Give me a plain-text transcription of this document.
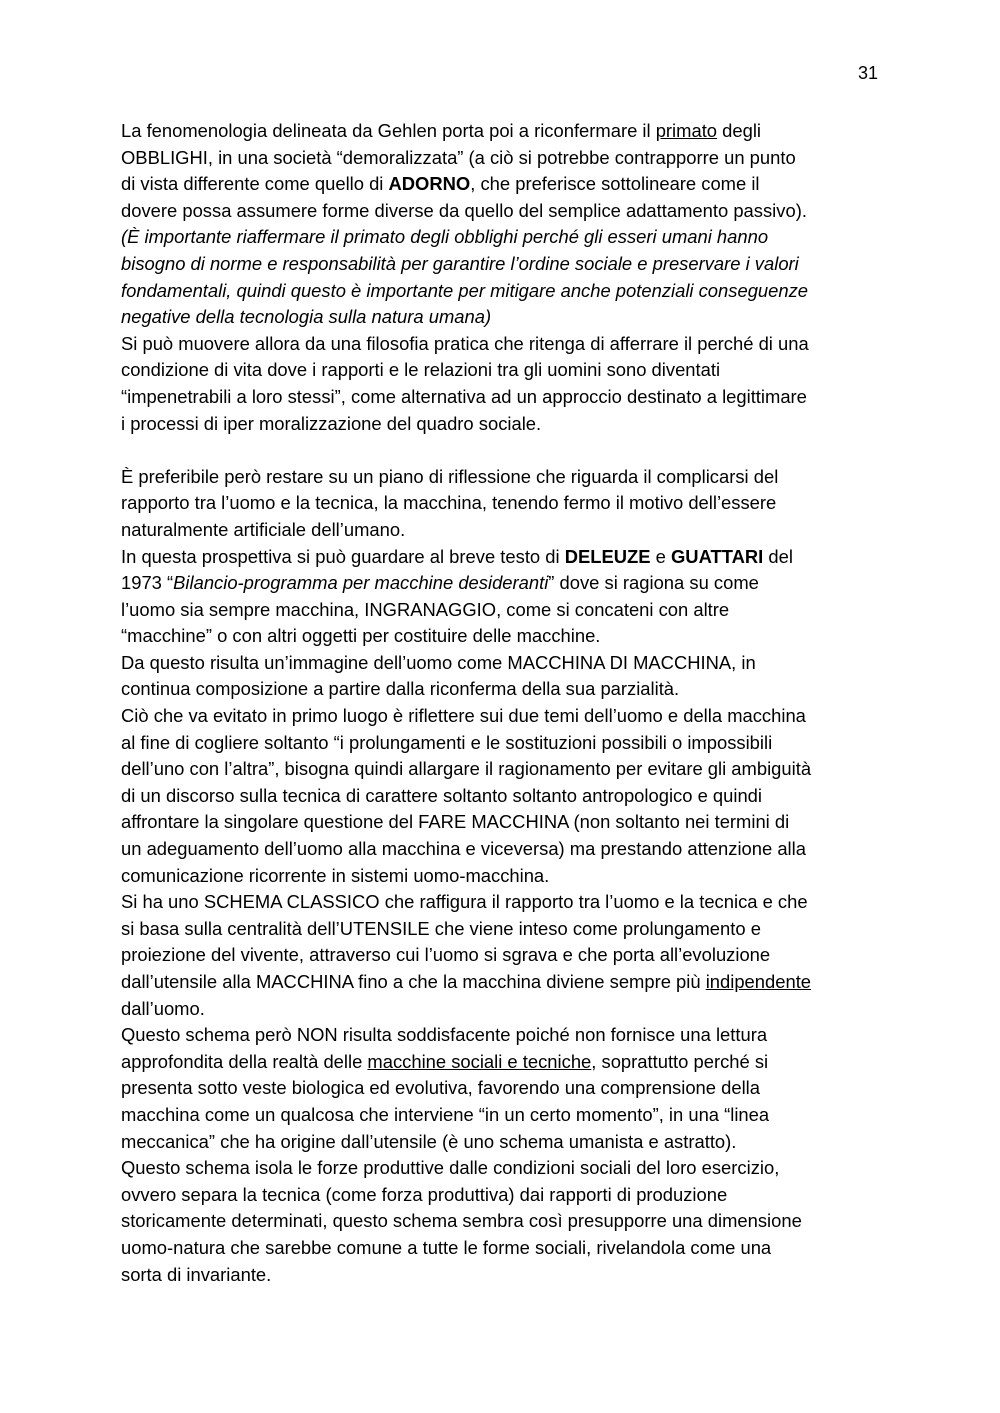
31

La fenomenologia delineata da Gehlen porta poi a riconfermare il primato degli
OBBLIGHI, in una società “demoralizzata” (a ciò si potrebbe contrapporre un punto
di vista differente come quello di ADORNO, che preferisce sottolineare come il
dovere possa assumere forme diverse da quello del semplice adattamento passivo).

(È importante riaffermare il primato degli obblighi perché gli esseri umani hanno
bisogno di norme e responsabilità per garantire l’ordine sociale e preservare i valori
fondamentali, quindi questo è importante per mitigare anche potenziali conseguenze
negative della tecnologia sulla natura umana)

Si può muovere allora da una filosofia pratica che ritenga di afferrare il perché di una
condizione di vita dove i rapporti e le relazioni tra gli uomini sono diventati
“impenetrabili a loro stessi”, come alternativa ad un approccio destinato a legittimare
i processi di iper moralizzazione del quadro sociale.

È preferibile però restare su un piano di riflessione che riguarda il complicarsi del
rapporto tra l’uomo e la tecnica, la macchina, tenendo fermo il motivo dell’essere
naturalmente artificiale dell’umano.

In questa prospettiva si può guardare al breve testo di DELEUZE e GUATTARI del
1973 “Bilancio-programma per macchine desideranti” dove si ragiona su come
l’uomo sia sempre macchina, INGRANAGGIO, come si concateni con altre
“macchine” o con altri oggetti per costituire delle macchine.

Da questo risulta un’immagine dell’uomo come MACCHINA DI MACCHINA, in
continua composizione a partire dalla riconferma della sua parzialità.

Ciò che va evitato in primo luogo è riflettere sui due temi dell’uomo e della macchina
al fine di cogliere soltanto “i prolungamenti e le sostituzioni possibili o impossibili
dell’uno con l’altra”, bisogna quindi allargare il ragionamento per evitare gli ambiguità
di un discorso sulla tecnica di carattere soltanto soltanto antropologico e quindi
affrontare la singolare questione del FARE MACCHINA (non soltanto nei termini di
un adeguamento dell’uomo alla macchina e viceversa) ma prestando attenzione alla
comunicazione ricorrente in sistemi uomo-macchina.

Si ha uno SCHEMA CLASSICO che raffigura il rapporto tra l’uomo e la tecnica e che
si basa sulla centralità dell’UTENSILE che viene inteso come prolungamento e
proiezione del vivente, attraverso cui l’uomo si sgrava e che porta all’evoluzione
dall’utensile alla MACCHINA fino a che la macchina diviene sempre più indipendente
dall’uomo.

Questo schema però NON risulta soddisfacente poiché non fornisce una lettura
approfondita della realtà delle macchine sociali e tecniche, soprattutto perché si
presenta sotto veste biologica ed evolutiva, favorendo una comprensione della
macchina come un qualcosa che interviene “in un certo momento”, in una “linea
meccanica” che ha origine dall’utensile (è uno schema umanista e astratto).

Questo schema isola le forze produttive dalle condizioni sociali del loro esercizio,
ovvero separa la tecnica (come forza produttiva) dai rapporti di produzione
storicamente determinati, questo schema sembra così presupporre una dimensione
uomo-natura che sarebbe comune a tutte le forme sociali, rivelandola come una
sorta di invariante.
